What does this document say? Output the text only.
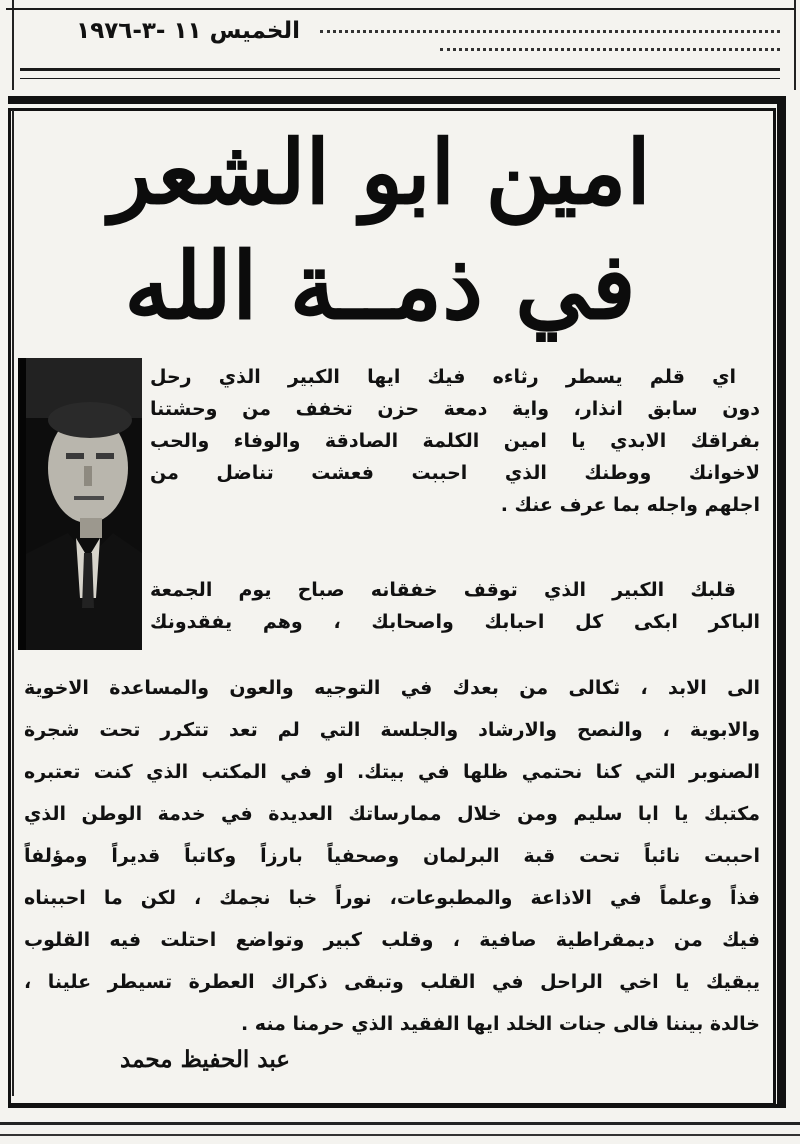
الخميس ١١ -٣-١٩٧٦
امين ابو الشعر
في ذمــة الله
اي قلم يسطر رثاءه فيك ايها الكبير الذي رحل
دون سابق انذار، واية دمعة حزن تخفف من وحشتنا
بفراقك الابدي يا امين الكلمة الصادقة والوفاء والحب
لاخوانك ووطنك الذي احببت فعشت تناضل من
اجلهم واجله بما عرف عنك .
قلبك الكبير الذي توقف خفقانه صباح يوم الجمعة
الباكر ابكى كل احبابك واصحابك ، وهم يفقدونك
الى الابد ، ثكالى من بعدك في التوجيه والعون والمساعدة الاخوية
والابوية ، والنصح والارشاد والجلسة التي لم تعد تتكرر تحت شجرة
الصنوبر التي كنا نحتمي ظلها في بيتك. او في المكتب الذي كنت تعتبره
مكتبك يا ابا سليم ومن خلال ممارساتك العديدة في خدمة الوطن الذي
احببت نائباً تحت قبة البرلمان وصحفياً بارزاً وكاتباً قديراً ومؤلفاً
فذاً وعلماً في الاذاعة والمطبوعات، نوراً خبا نجمك ، لكن ما احببناه
فيك من ديمقراطية صافية ، وقلب كبير وتواضع احتلت فيه القلوب
يبقيك يا اخي الراحل في القلب وتبقى ذكراك العطرة تسيطر علينا ،
خالدة بيننا فالى جنات الخلد ايها الفقيد الذي حرمنا منه .
عبد الحفيظ محمد
